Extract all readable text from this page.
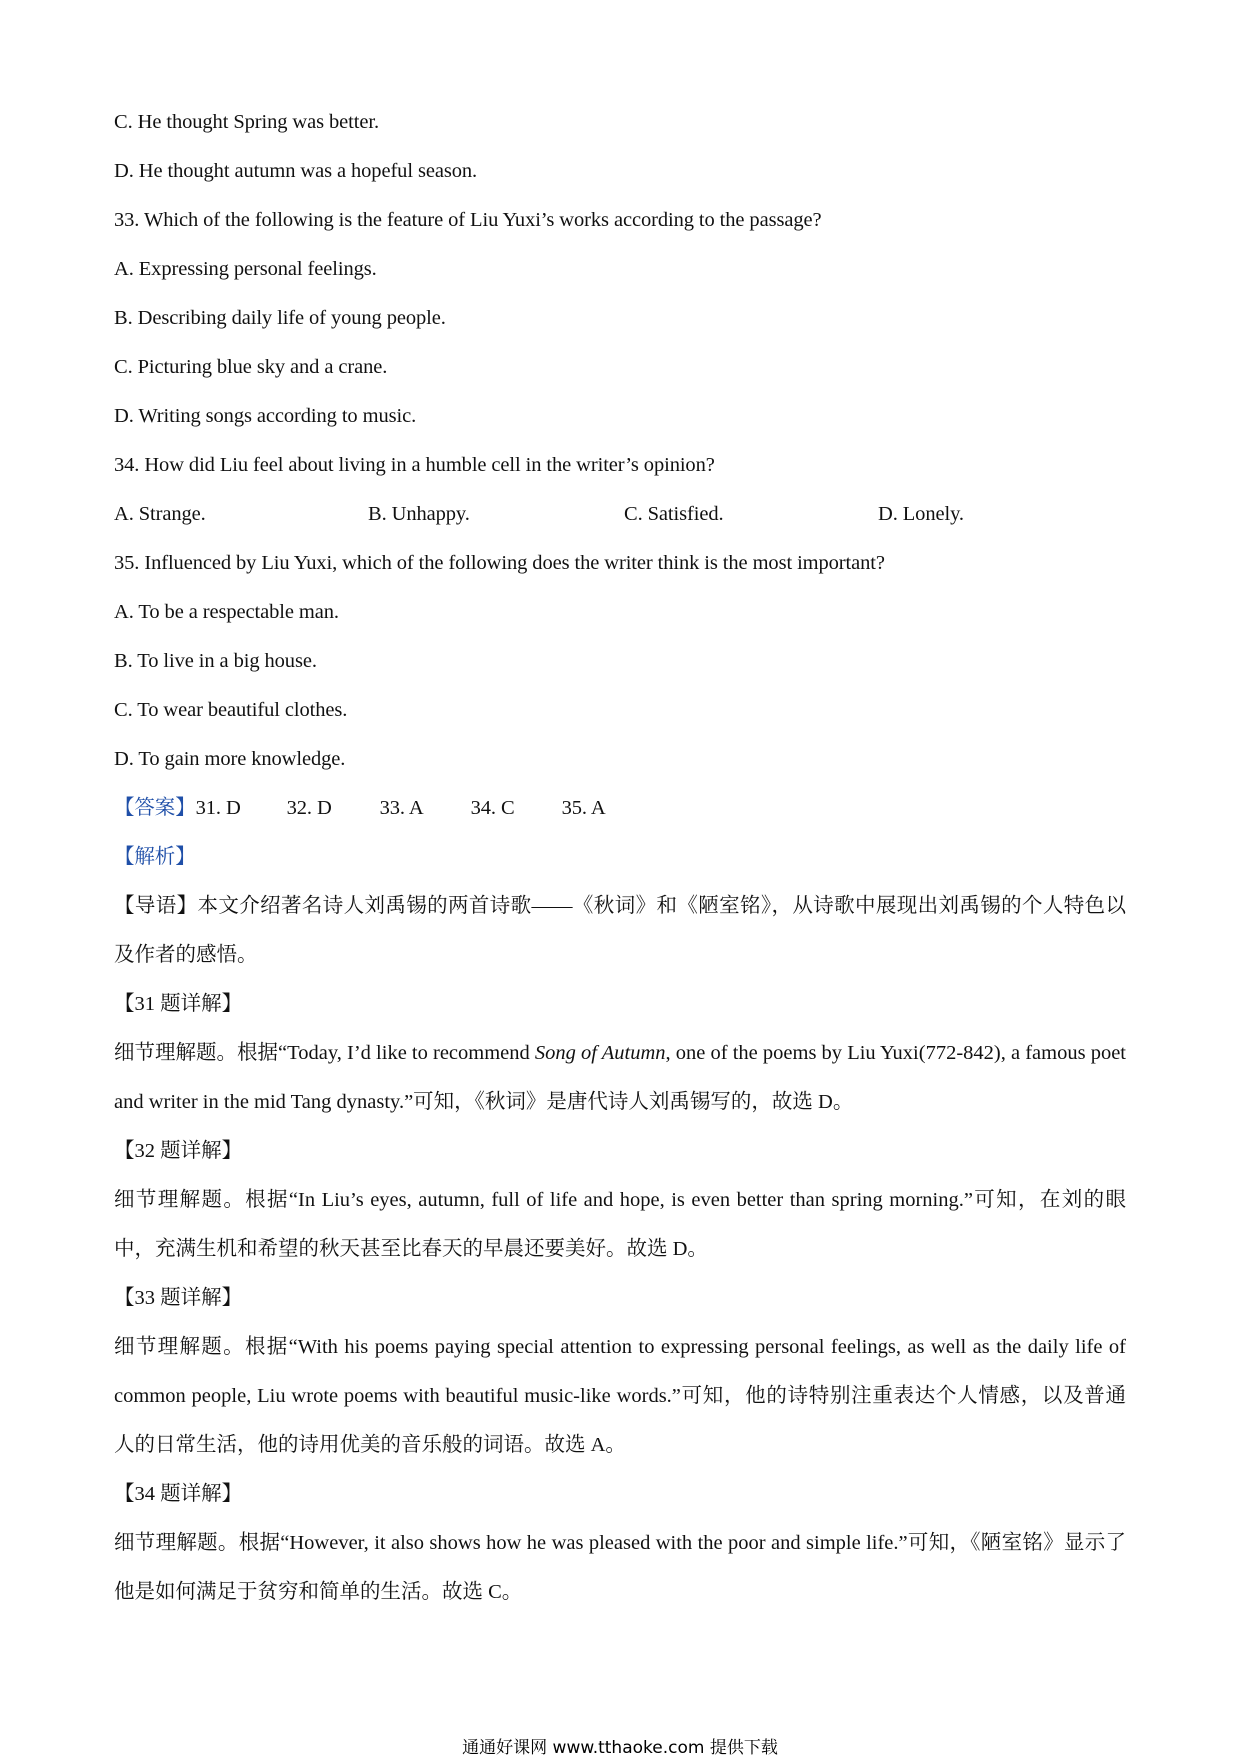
C. He thought Spring was better.
D. He thought autumn was a hopeful season.
33. Which of the following is the feature of Liu Yuxi’s works according to the passage?
A. Expressing personal feelings.
B. Describing daily life of young people.
C. Picturing blue sky and a crane.
D. Writing songs according to music.
34. How did Liu feel about living in a humble cell in the writer’s opinion?
A. Strange.	B. Unhappy.	C. Satisfied.	D. Lonely.
35. Influenced by Liu Yuxi, which of the following does the writer think is the most important?
A. To be a respectable man.
B. To live in a big house.
C. To wear beautiful clothes.
D. To gain more knowledge.
【答案】31. D 32. D 33. A 34. C 35. A
【解析】
【导语】本文介绍著名诗人刘禹锡的两首诗歌——《秋词》和《陋室铭》，从诗歌中展现出刘禹锡的个人特色以及作者的感悟。
【31 题详解】
细节理解题。根据“Today, I’d like to recommend Song of Autumn, one of the poems by Liu Yuxi(772-842), a famous poet and writer in the mid Tang dynasty.”可知，《秋词》是唐代诗人刘禹锡写的，故选 D。
【32 题详解】
细节理解题。根据“In Liu’s eyes, autumn, full of life and hope, is even better than spring morning.”可知，在刘的眼中，充满生机和希望的秋天甚至比春天的早晨还要美好。故选 D。
【33 题详解】
细节理解题。根据“With his poems paying special attention to expressing personal feelings, as well as the daily life of common people, Liu wrote poems with beautiful music-like words.”可知，他的诗特别注重表达个人情感，以及普通人的日常生活，他的诗用优美的音乐般的词语。故选 A。
【34 题详解】
细节理解题。根据“However, it also shows how he was pleased with the poor and simple life.”可知，《陋室铭》显示了他是如何满足于贫穷和简单的生活。故选 C。
通通好课网 www.tthaoke.com 提供下载
